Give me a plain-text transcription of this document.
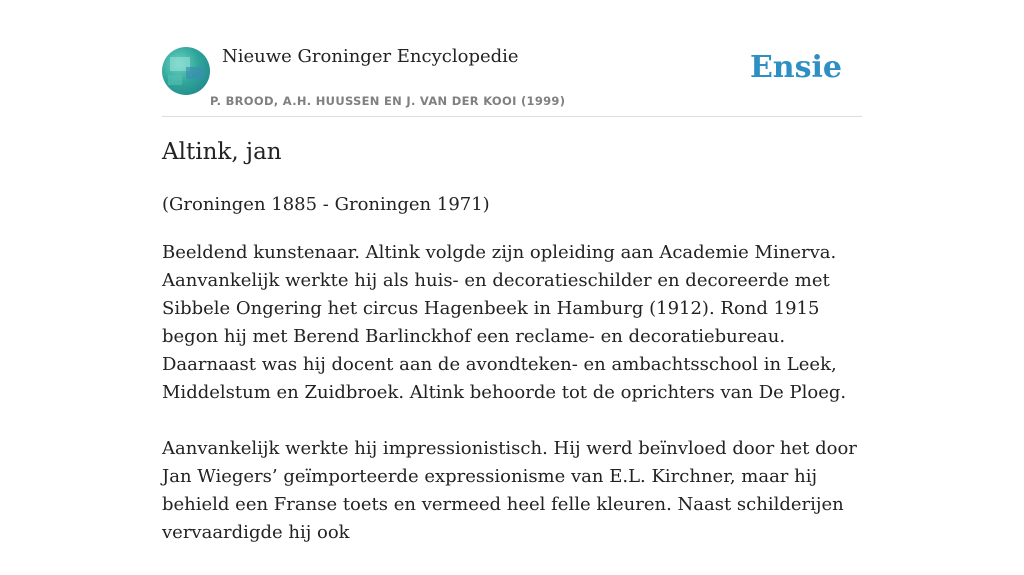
Nieuwe Groninger Encyclopedie
P. BROOD, A.H. HUUSSEN EN J. VAN DER KOOI (1999)
Ensie
Altink, jan
(Groningen 1885 - Groningen 1971)

Beeldend kunstenaar. Altink volgde zijn opleiding aan Academie Minerva. Aanvankelijk werkte hij als huis- en decoratieschilder en decoreerde met Sibbele Ongering het circus Hagenbeek in Hamburg (1912). Rond 1915 begon hij met Berend Barlinckhof een reclame- en decoratiebureau. Daarnaast was hij docent aan de avondteken- en ambachtsschool in Leek, Middelstum en Zuidbroek. Altink behoorde tot de oprichters van De Ploeg.

Aanvankelijk werkte hij impressionistisch. Hij werd beïnvloed door het door Jan Wiegers’ geïmporteerde expressionisme van E.L. Kirchner, maar hij behield een Franse toets en vermeed heel felle kleuren. Naast schilderijen vervaardigde hij ook
